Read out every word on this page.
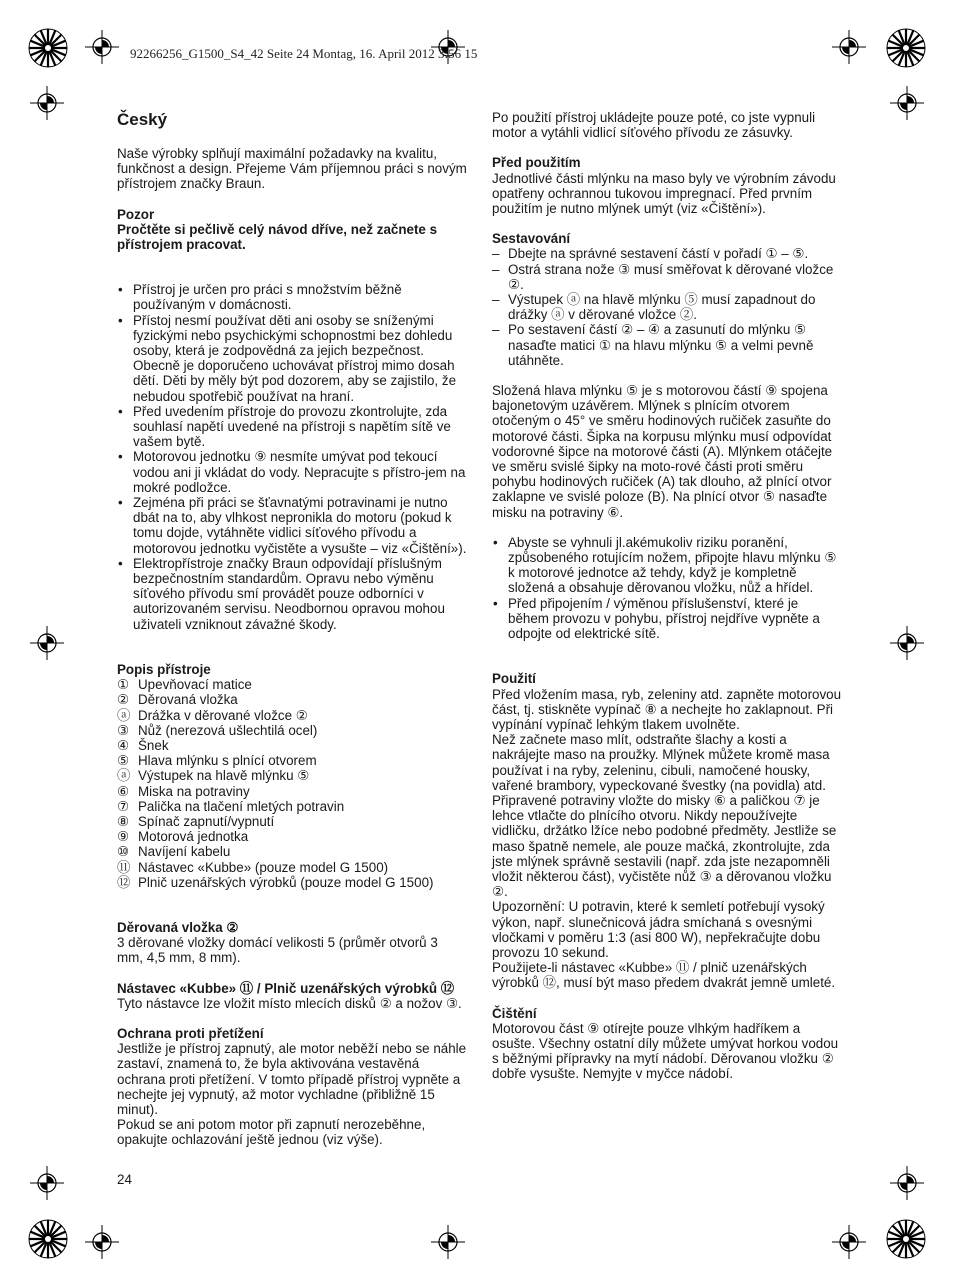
92266256_G1500_S4_42 Seite 24 Montag, 16. April 2012 3:56 15
Český

Naše výrobky splňují maximální požadavky na kvalitu, funkčnost a design. Přejeme Vám příjemnou práci s novým přístrojem značky Braun.

Pozor

Pročtěte si pečlivě celý návod dříve, než začnete s přístrojem pracovat.

• Přístroj je určen pro práci s množstvím běžně používaným v domácnosti.
• Přístoj nesmí používat děti ani osoby se sníženými fyzickými nebo psychickými schopnostmi bez dohledu osoby, která je zodpovědná za jejich bezpečnost. Obecně je doporučeno uchovávat přístroj mimo dosah dětí. Děti by měly být pod dozorem, aby se zajistilo, že nebudou spotřebič používat na hraní.
• Před uvedením přístroje do provozu zkontrolujte, zda souhlasí napětí uvedené na přístroji s napětím sítě ve vašem bytě.
• Motorovou jednotku ⑨ nesmíte umývat pod tekoucí vodou ani ji vkládat do vody. Nepracujte s přístro-jem na mokré podložce.
• Zejména při práci se šťavnatými potravinami je nutno dbát na to, aby vlhkost nepronikla do motoru (pokud k tomu dojde, vytáhněte vidlici síťového přívodu a motorovou jednotku vyčistěte a vysušte – viz «Čištění»).
• Elektropřístroje značky Braun odpovídají příslušným bezpečnostním standardům. Opravu nebo výměnu síťového přívodu smí provádět pouze odborníci v autorizovaném servisu. Neodbornou opravou mohou uživateli vzniknout závažné škody.

Popis přístroje

① Upevňovací matice
② Děrovaná vložka
ⓐ Drážka v děrované vložce ②
③ Nůž (nerezová ušlechtilá ocel)
④ Šnek
⑤ Hlava mlýnku s plnící otvorem
ⓐ Výstupek na hlavě mlýnku ⑤
⑥ Miska na potraviny
⑦ Palička na tlačení mletých potravin
⑧ Spínač zapnutí/vypnutí
⑨ Motorová jednotka
⑩ Navíjení kabelu
⑪ Nástavec «Kubbe» (pouze model G 1500)
⑫ Plnič uzenářských výrobků (pouze model G 1500)

Děrovaná vložka ②

3 děrované vložky domácí velikosti 5 (průměr otvorů 3 mm, 4,5 mm, 8 mm).

Nástavec «Kubbe» ⑪ / Plnič uzenářských výrobků ⑫

Tyto nástavce lze vložit místo mlecích disků ② a nožov ③.

Ochrana proti přetížení

Jestliže je přístroj zapnutý, ale motor neběží nebo se náhle zastaví, znamená to, že byla aktivována vestavěná ochrana proti přetížení. V tomto případě přístroj vypněte a nechejte jej vypnutý, až motor vychladne (přibližně 15 minut).

Pokud se ani potom motor při zapnutí nerozeběhne, opakujte ochlazování ještě jednou (viz výše).

Po použití přístroj ukládejte pouze poté, co jste vypnuli motor a vytáhli vidlicí síťového přívodu ze zásuvky.

Před použitím

Jednotlivé části mlýnku na maso byly ve výrobním závodu opatřeny ochrannou tukovou impregnací. Před prvním použitím je nutno mlýnek umýt (viz «Čištění»).

Sestavování

– Dbejte na správné sestavení částí v pořadí ① – ⑤.
– Ostrá strana nože ③ musí směřovat k děrované vložce ②.
– Výstupek ⓐ na hlavě mlýnku ⑤ musí zapadnout do drážky ⓐ v děrované vložce ②.
– Po sestavení částí ② – ④ a zasunutí do mlýnku ⑤ nasaďte matici ① na hlavu mlýnku ⑤ a velmi pevně utáhněte.

Složená hlava mlýnku ⑤ je s motorovou částí ⑨ spojena bajonetovým uzávěrem. Mlýnek s plnícím otvorem otočeným o 45° ve směru hodinových ručiček zasuňte do motorové části. Šipka na korpusu mlýnku musí odpovídat vodorovné šipce na motorové části (A). Mlýnkem otáčejte ve směru svislé šipky na moto-rové části proti směru pohybu hodinových ručiček (A) tak dlouho, až plnící otvor zaklapne ve svislé poloze (B). Na plnící otvor ⑤ nasaďte misku na potraviny ⑥.

• Abyste se vyhnuli jl.akémukoliv riziku poranění, způsobeného rotujícím nožem, připojte hlavu mlýnku ⑤ k motorové jednotce až tehdy, když je kompletně složená a obsahuje děrovanou vložku, nůž a hřídel.
• Před připojením / výměnou příslušenství, které je během provozu v pohybu, přístroj nejdříve vypněte a odpojte od elektrické sítě.

Použití

Před vložením masa, ryb, zeleniny atd. zapněte motorovou část, tj. stiskněte vypínač ⑧ a nechejte ho zaklapnout. Při vypínání vypínač lehkým tlakem uvolněte.

Než začnete maso mlít, odstraňte šlachy a kosti a nakrájejte maso na proužky. Mlýnek můžete kromě masa používat i na ryby, zeleninu, cibuli, namočené housky, vařené brambory, vypeckované švestky (na povidla) atd. Připravené potraviny vložte do misky ⑥ a paličkou ⑦ je lehce vtlačte do plnícího otvoru. Nikdy nepoužívejte vidličku, držátko lžíce nebo podobné předměty. Jestliže se maso špatně nemele, ale pouze mačká, zkontrolujte, zda jste mlýnek správně sestavili (např. zda jste nezapomněli vložit některou část), vyčistěte nůž ③ a děrovanou vložku ②.

Upozornění: U potravin, které k semletí potřebují vysoký výkon, např. slunečnicová jádra smíchaná s ovesnými vločkami v poměru 1:3 (asi 800 W), nepřekračujte dobu provozu 10 sekund.

Použijete-li nástavec «Kubbe» ⑪ / plnič uzenářských výrobků ⑫, musí být maso předem dvakrát jemně umleté.

Čištění

Motorovou část ⑨ otírejte pouze vlhkým hadříkem a osušte. Všechny ostatní díly můžete umývat horkou vodou s běžnými přípravky na mytí nádobí. Děrovanou vložku ② dobře vysušte. Nemyjte v myčce nádobí.

24
